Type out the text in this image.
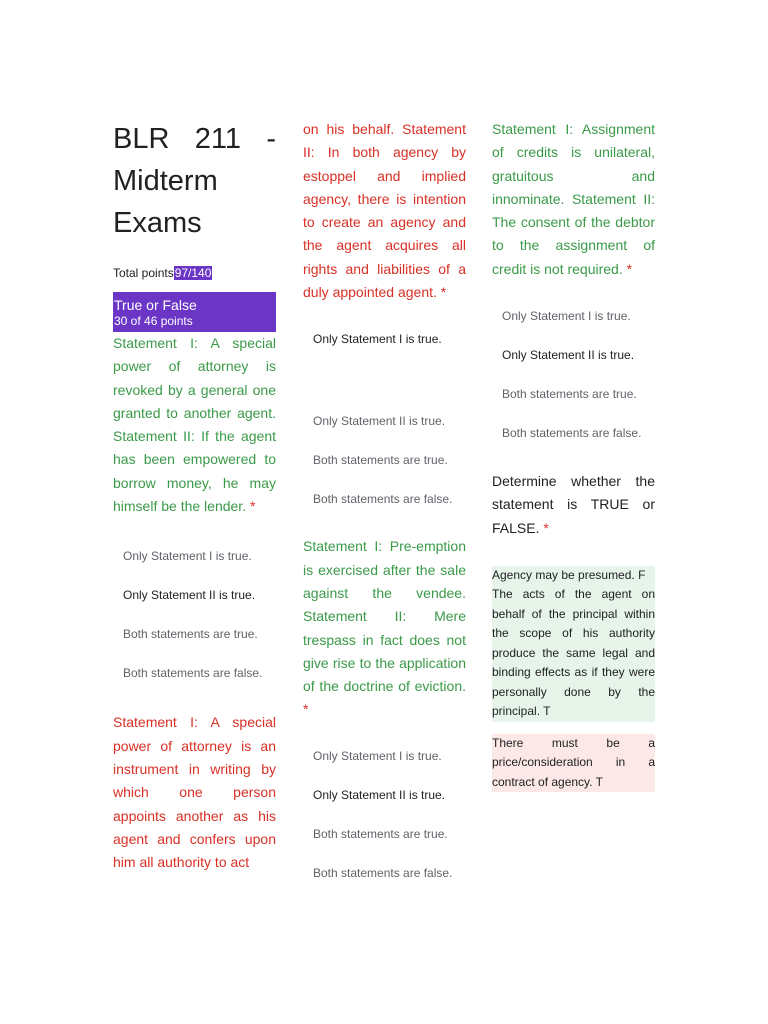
BLR 211 - Midterm Exams
Total points97/140
True or False
30 of 46 points
Statement I: A special power of attorney is revoked by a general one granted to another agent. Statement II: If the agent has been empowered to borrow money, he may himself be the lender. *
Only Statement I is true.
Only Statement II is true.
Both statements are true.
Both statements are false.
Statement I: A special power of attorney is an instrument in writing by which one person appoints another as his agent and confers upon him all authority to act
on his behalf. Statement II: In both agency by estoppel and implied agency, there is intention to create an agency and the agent acquires all rights and liabilities of a duly appointed agent. *
Only Statement I is true.
Only Statement II is true.
Both statements are true.
Both statements are false.
Statement I: Pre-emption is exercised after the sale against the vendee. Statement II: Mere trespass in fact does not give rise to the application of the doctrine of eviction. *
Only Statement I is true.
Only Statement II is true.
Both statements are true.
Both statements are false.
Statement I: Assignment of credits is unilateral, gratuitous and innominate. Statement II: The consent of the debtor to the assignment of credit is not required. *
Only Statement I is true.
Only Statement II is true.
Both statements are true.
Both statements are false.
Determine whether the statement is TRUE or FALSE. *
Agency may be presumed. F
The acts of the agent on behalf of the principal within the scope of his authority produce the same legal and binding effects as if they were personally done by the principal. T
There must be a price/consideration in a contract of agency. T
